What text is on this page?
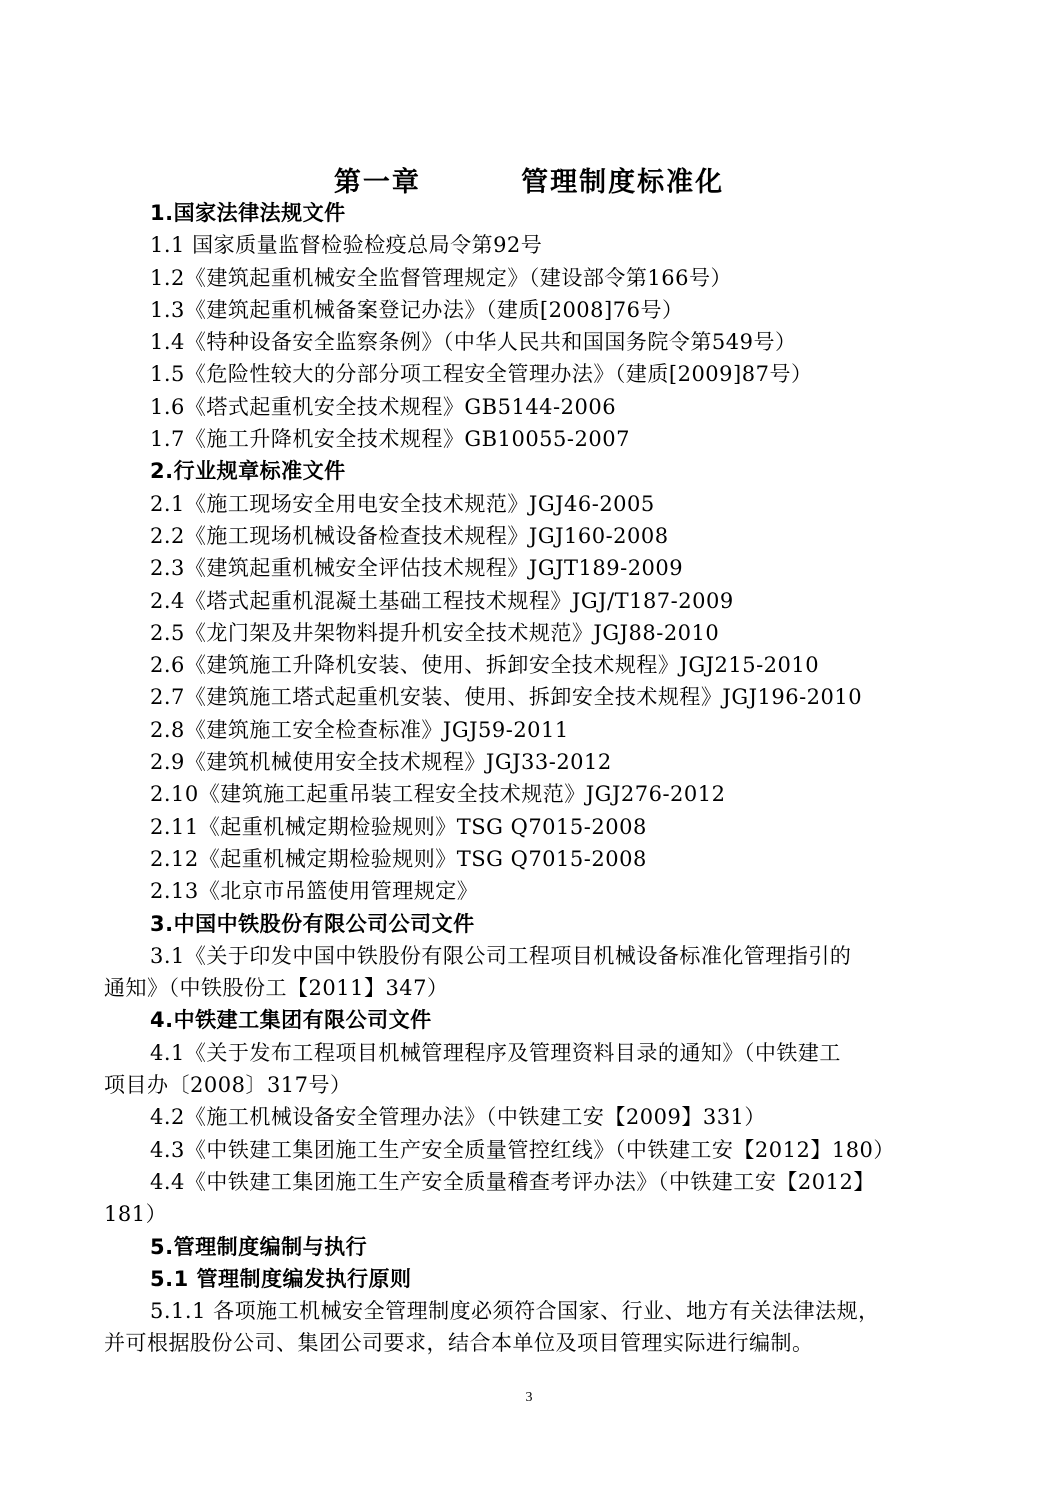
第一章   管理制度标准化
1.国家法律法规文件
1.1 国家质量监督检验检疫总局令第92号
1.2《建筑起重机械安全监督管理规定》（建设部令第166号）
1.3《建筑起重机械备案登记办法》（建质[2008]76号）
1.4《特种设备安全监察条例》（中华人民共和国国务院令第549号）
1.5《危险性较大的分部分项工程安全管理办法》（建质[2009]87号）
1.6《塔式起重机安全技术规程》GB5144-2006
1.7《施工升降机安全技术规程》GB10055-2007
2.行业规章标准文件
2.1《施工现场安全用电安全技术规范》JGJ46-2005
2.2《施工现场机械设备检查技术规程》JGJ160-2008
2.3《建筑起重机械安全评估技术规程》JGJT189-2009
2.4《塔式起重机混凝土基础工程技术规程》JGJ/T187-2009
2.5《龙门架及井架物料提升机安全技术规范》JGJ88-2010
2.6《建筑施工升降机安装、使用、拆卸安全技术规程》JGJ215-2010
2.7《建筑施工塔式起重机安装、使用、拆卸安全技术规程》JGJ196-2010
2.8《建筑施工安全检查标准》JGJ59-2011
2.9《建筑机械使用安全技术规程》JGJ33-2012
2.10《建筑施工起重吊装工程安全技术规范》JGJ276-2012
2.11《起重机械定期检验规则》TSG Q7015-2008
2.12《起重机械定期检验规则》TSG Q7015-2008
2.13《北京市吊篮使用管理规定》
3.中国中铁股份有限公司公司文件
3.1《关于印发中国中铁股份有限公司工程项目机械设备标准化管理指引的
通知》（中铁股份工【2011】347）
4.中铁建工集团有限公司文件
4.1《关于发布工程项目机械管理程序及管理资料目录的通知》（中铁建工
项目办〔2008〕317号）
4.2《施工机械设备安全管理办法》（中铁建工安【2009】331）
4.3《中铁建工集团施工生产安全质量管控红线》（中铁建工安【2012】180）
4.4《中铁建工集团施工生产安全质量稽查考评办法》（中铁建工安【2012】
181）
5.管理制度编制与执行
5.1 管理制度编发执行原则
5.1.1 各项施工机械安全管理制度必须符合国家、行业、地方有关法律法规，
并可根据股份公司、集团公司要求，结合本单位及项目管理实际进行编制。
3
